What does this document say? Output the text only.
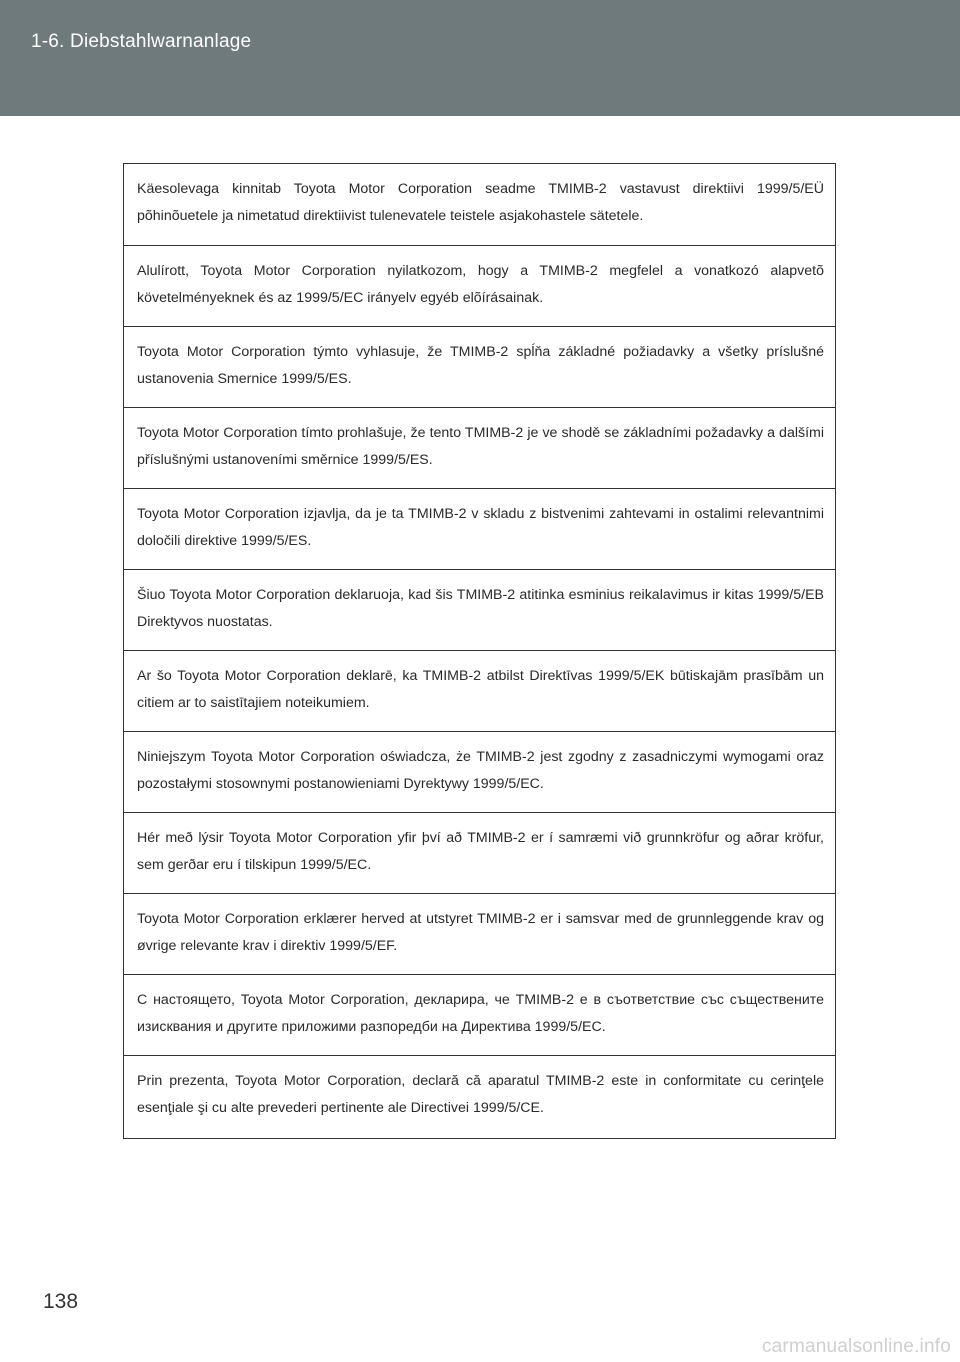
1-6. Diebstahlwarnanlage
Käesolevaga kinnitab Toyota Motor Corporation seadme TMIMB-2 vastavust direktiivi 1999/5/EÜ põhinõuetele ja nimetatud direktiivist tulenevatele teistele asjakohastele sätetele.
Alulírott, Toyota Motor Corporation nyilatkozom, hogy a TMIMB-2 megfelel a vonatkozó alapvetõ követelményeknek és az 1999/5/EC irányelv egyéb elõírásainak.
Toyota Motor Corporation týmto vyhlasuje, že TMIMB-2 spĺňa základné požiadavky a všetky príslušné ustanovenia Smernice 1999/5/ES.
Toyota Motor Corporation tímto prohlašuje, že tento TMIMB-2 je ve shodě se základními požadavky a dalšími příslušnými ustanoveními směrnice 1999/5/ES.
Toyota Motor Corporation izjavlja, da je ta TMIMB-2 v skladu z bistvenimi zahtevami in ostalimi relevantnimi določili direktive 1999/5/ES.
Šiuo Toyota Motor Corporation deklaruoja, kad šis TMIMB-2 atitinka esminius reikalavimus ir kitas 1999/5/EB Direktyvos nuostatas.
Ar šo Toyota Motor Corporation deklarē, ka TMIMB-2 atbilst Direktīvas 1999/5/EK būtiskajām prasībām un citiem ar to saistītajiem noteikumiem.
Niniejszym Toyota Motor Corporation oświadcza, że TMIMB-2 jest zgodny z zasadniczymi wymogami oraz pozostałymi stosownymi postanowieniami Dyrektywy 1999/5/EC.
Hér með lýsir Toyota Motor Corporation yfir því að TMIMB-2 er í samræmi við grunnkröfur og aðrar kröfur, sem gerðar eru í tilskipun 1999/5/EC.
Toyota Motor Corporation erklærer herved at utstyret TMIMB-2 er i samsvar med de grunnleggende krav og øvrige relevante krav i direktiv 1999/5/EF.
С настоящето, Toyota Motor Corporation, декларира, че TMIMB-2 е в съответствие със съществените изисквания и другите приложими разпоредби на Директива 1999/5/ЕС.
Prin prezenta, Toyota Motor Corporation, declară că aparatul TMIMB-2 este in conformitate cu cerinţele esenţiale şi cu alte prevederi pertinente ale Directivei 1999/5/CE.
138
carmanualsonline.info
